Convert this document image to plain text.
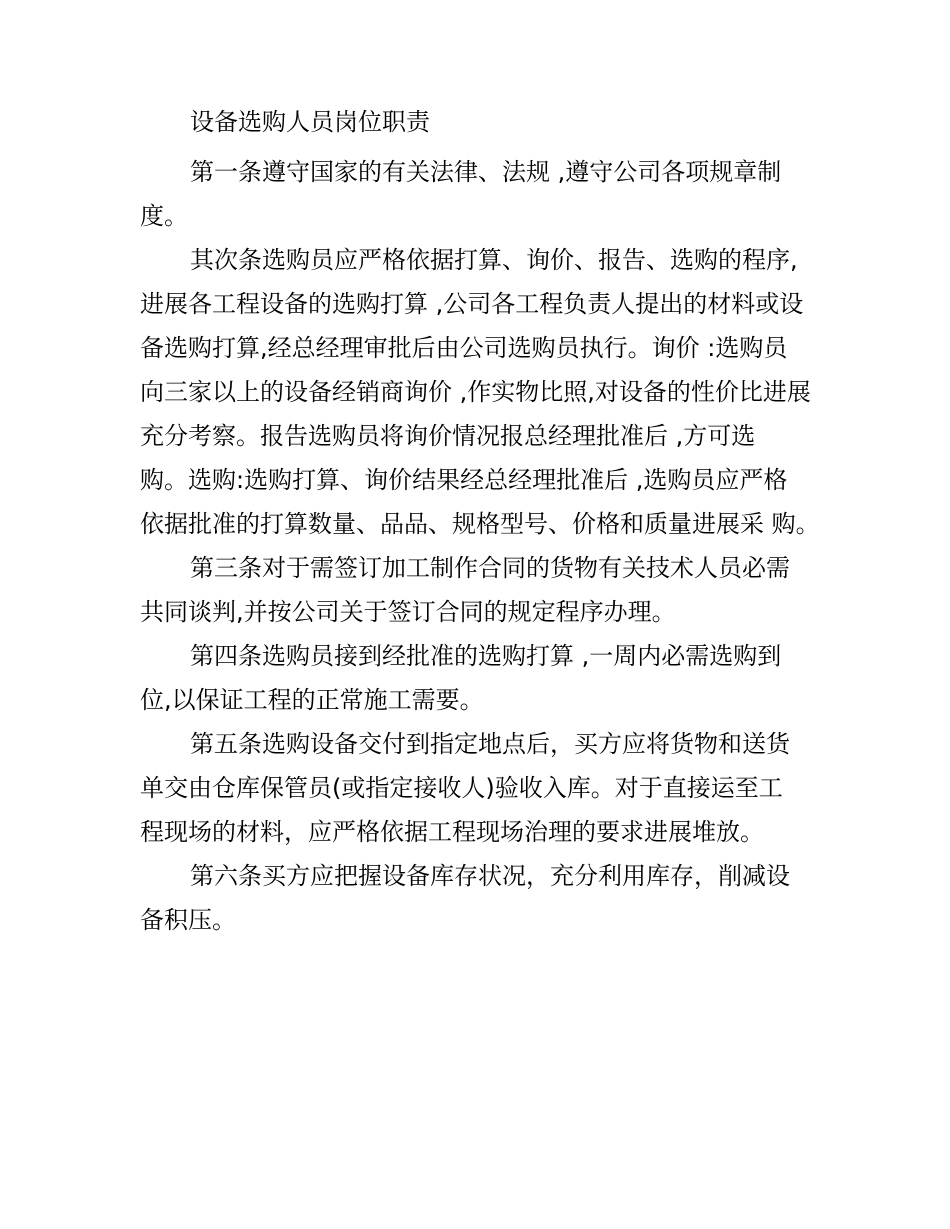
设备选购人员岗位职责

第一条遵守国家的有关法律、法规 ,遵守公司各项规章制
度。

其次条选购员应严格依据打算、询价、报告、选购的程序,
进展各工程设备的选购打算 ,公司各工程负责人提出的材料或设
备选购打算,经总经理审批后由公司选购员执行。询价 :选购员
向三家以上的设备经销商询价 ,作实物比照,对设备的性价比进展
充分考察。报告选购员将询价情况报总经理批准后 ,方可选
购。选购:选购打算、询价结果经总经理批准后 ,选购员应严格
依据批准的打算数量、品品、规格型号、价格和质量进展采 购。

第三条对于需签订加工制作合同的货物有关技术人员必需
共同谈判,并按公司关于签订合同的规定程序办理。

第四条选购员接到经批准的选购打算 ,一周内必需选购到
位,以保证工程的正常施工需要。

第五条选购设备交付到指定地点后，买方应将货物和送货
单交由仓库保管员(或指定接收人)验收入库。对于直接运至工
程现场的材料，应严格依据工程现场治理的要求进展堆放。

第六条买方应把握设备库存状况，充分利用库存，削减设
备积压。
